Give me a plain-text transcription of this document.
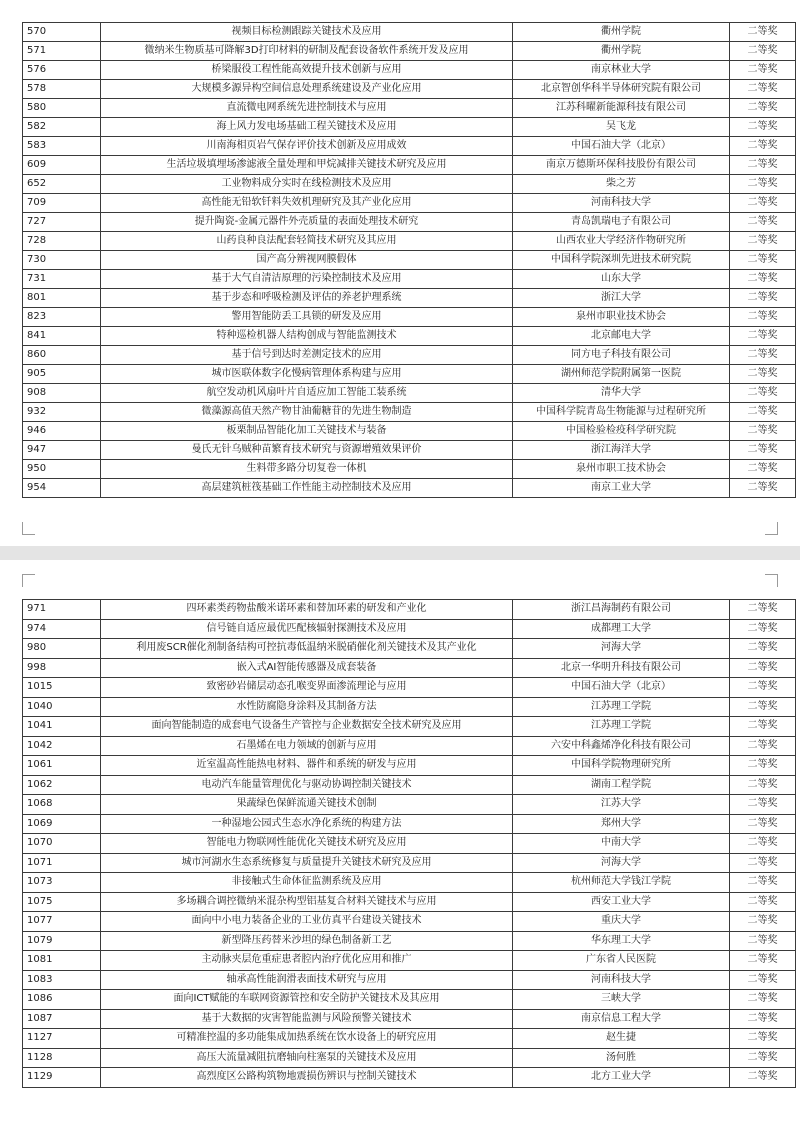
570	视频目标检测跟踪关键技术及应用	衢州学院	二等奖
571	微纳米生物质基可降解3D打印材料的研制及配套设备软件系统开发及应用	衢州学院	二等奖
576	桥梁服役工程性能高效提升技术创新与应用	南京林业大学	二等奖
578	大规模多源异构空间信息处理系统建设及产业化应用	北京智创华科半导体研究院有限公司	二等奖
580	直流微电网系统先进控制技术与应用	江苏科曜新能源科技有限公司	二等奖
582	海上风力发电场基础工程关键技术及应用	吴飞龙	二等奖
583	川南海相页岩气保存评价技术创新及应用成效	中国石油大学（北京）	二等奖
609	生活垃圾填埋场渗滤液全量处理和甲烷减排关键技术研究及应用	南京万德斯环保科技股份有限公司	二等奖
652	工业物料成分实时在线检测技术及应用	柴之芳	二等奖
709	高性能无铅软钎料失效机理研究及其产业化应用	河南科技大学	二等奖
727	提升陶瓷-金属元器件外壳质量的表面处理技术研究	青岛凯瑞电子有限公司	二等奖
728	山药良种良法配套轻简技术研究及其应用	山西农业大学经济作物研究所	二等奖
730	国产高分辨视网膜假体	中国科学院深圳先进技术研究院	二等奖
731	基于大气自清洁原理的污染控制技术及应用	山东大学	二等奖
801	基于步态和呼吸检测及评估的养老护理系统	浙江大学	二等奖
823	警用智能防丢工具锁的研发及应用	泉州市职业技术协会	二等奖
841	特种巡检机器人结构创成与智能监测技术	北京邮电大学	二等奖
860	基于信号到达时差测定技术的应用	同方电子科技有限公司	二等奖
905	城市医联体数字化慢病管理体系构建与应用	湖州师范学院附属第一医院	二等奖
908	航空发动机风扇叶片自适应加工智能工装系统	清华大学	二等奖
932	微藻源高值天然产物甘油葡糖苷的先进生物制造	中国科学院青岛生物能源与过程研究所	二等奖
946	板栗制品智能化加工关键技术与装备	中国检验检疫科学研究院	二等奖
947	曼氏无针乌贼种苗繁育技术研究与资源增殖效果评价	浙江海洋大学	二等奖
950	生料带多路分切复卷一体机	泉州市职工技术协会	二等奖
954	高层建筑桩筏基础工作性能主动控制技术及应用	南京工业大学	二等奖
971	四环素类药物盐酸米诺环素和替加环素的研发和产业化	浙江昌海制药有限公司	二等奖
974	信号链自适应最优匹配核辐射探测技术及应用	成都理工大学	二等奖
980	利用废SCR催化剂制备结构可控抗毒低温纳米脱硝催化剂关键技术及其产业化	河海大学	二等奖
998	嵌入式AI智能传感器及成套装备	北京一华明升科技有限公司	二等奖
1015	致密砂岩储层动态孔喉变界面渗流理论与应用	中国石油大学（北京）	二等奖
1040	水性防腐隐身涂料及其制备方法	江苏理工学院	二等奖
1041	面向智能制造的成套电气设备生产管控与企业数据安全技术研究及应用	江苏理工学院	二等奖
1042	石墨烯在电力领域的创新与应用	六安中科鑫烯净化科技有限公司	二等奖
1061	近室温高性能热电材料、器件和系统的研发与应用	中国科学院物理研究所	二等奖
1062	电动汽车能量管理优化与驱动协调控制关键技术	湖南工程学院	二等奖
1068	果蔬绿色保鲜流通关键技术创制	江苏大学	二等奖
1069	一种湿地公园式生态水净化系统的构建方法	郑州大学	二等奖
1070	智能电力物联网性能优化关键技术研究及应用	中南大学	二等奖
1071	城市河湖水生态系统修复与质量提升关键技术研究及应用	河海大学	二等奖
1073	非接触式生命体征监测系统及应用	杭州师范大学钱江学院	二等奖
1075	多场耦合调控微纳米混杂构型铝基复合材料关键技术与应用	西安工业大学	二等奖
1077	面向中小电力装备企业的工业仿真平台建设关键技术	重庆大学	二等奖
1079	新型降压药替米沙坦的绿色制备新工艺	华东理工大学	二等奖
1081	主动脉夹层危重症患者腔内治疗优化应用和推广	广东省人民医院	二等奖
1083	轴承高性能润滑表面技术研究与应用	河南科技大学	二等奖
1086	面向ICT赋能的车联网资源管控和安全防护关键技术及其应用	三峡大学	二等奖
1087	基于大数据的灾害智能监测与风险预警关键技术	南京信息工程大学	二等奖
1127	可精准控温的多功能集成加热系统在饮水设备上的研究应用	赵生捷	二等奖
1128	高压大流量减阻抗磨轴向柱塞泵的关键技术及应用	汤何胜	二等奖
1129	高烈度区公路构筑物地震损伤辨识与控制关键技术	北方工业大学	二等奖
